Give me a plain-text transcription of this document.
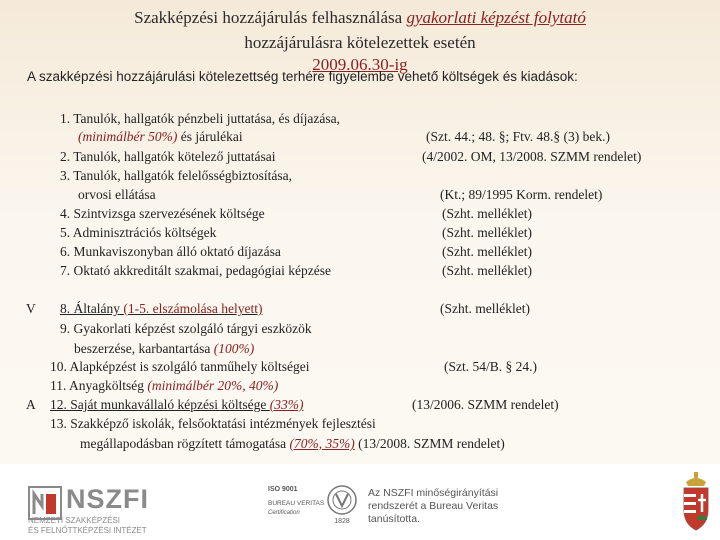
Szakképzési hozzájárulás felhasználása gyakorlati képzést folytató
hozzájárulásra kötelezettek esetén
2009.06.30-ig
A szakképzési hozzájárulási kötelezettség terhére figyelembe vehető költségek és kiadások:
1. Tanulók, hallgatók pénzbeli juttatása, és díjazása,
(minimálbér 50%) és járulékai	(Szt. 44.; 48. §; Ftv. 48.§ (3) bek.)
2. Tanulók, hallgatók kötelező juttatásai	(4/2002. OM, 13/2008. SZMM rendelet)
3. Tanulók, hallgatók felelősségbiztosítása,
orvosi ellátása	(Kt.; 89/1995 Korm. rendelet)
4. Szintvizsga szervezésének költsége	(Szht. melléklet)
5. Adminisztrációs költségek	(Szht. melléklet)
6. Munkaviszonyban álló oktató díjazása	(Szht. melléklet)
7. Oktató akkreditált szakmai, pedagógiai képzése	(Szht. melléklet)
V 8. Általány (1-5. elszámolása helyett)	(Szht. melléklet)
9. Gyakorlati képzést szolgáló tárgyi eszközök
beszerzése, karbantartása (100%)
10. Alapképzést is szolgáló tanműhely költségei	(Szt. 54/B. § 24.)
11. Anyagköltség (minimálbér 20%, 40%)
A 12. Saját munkavállaló képzési költsége (33%)	(13/2006. SZMM rendelet)
13. Szakképző iskolák, felsőoktatási intézmények fejlesztési
megállapodásban rögzített támogatása (70%, 35%) (13/2008. SZMM rendelet)
NSZFI
NEMZETI SZAKKÉPZÉSI
ÉS FELNŐTTKÉPZÉSI INTÉZET
ISO 9001
BUREAU VERITAS
Certification
1828
Az NSZFI minőségirányítási
rendszerét a Bureau Veritas
tanúsította.
